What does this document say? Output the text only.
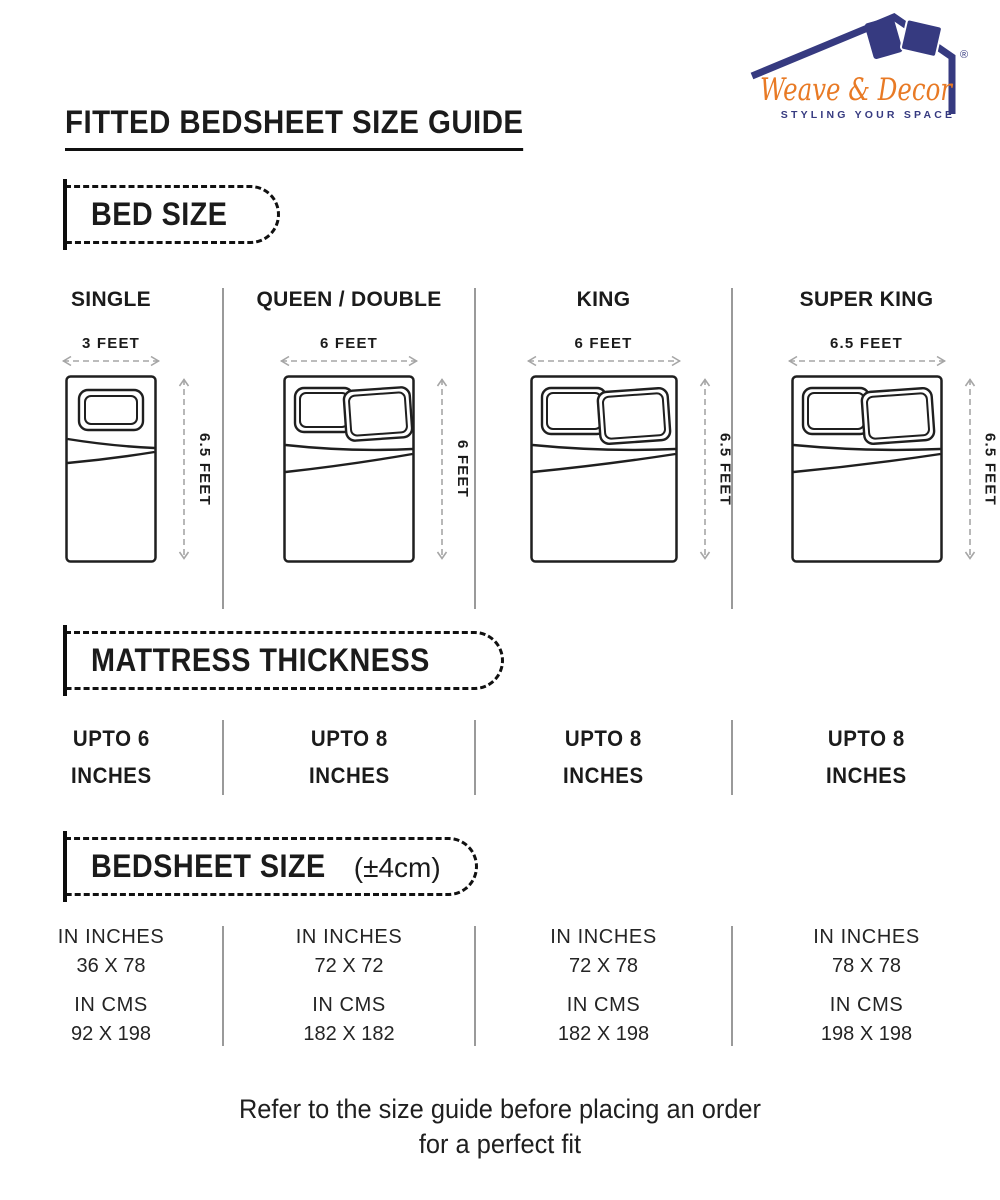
®
Weave & Decor
STYLING YOUR SPACE
FITTED BEDSHEET SIZE GUIDE
BED SIZE
SINGLE
3 FEET
6.5 FEET
QUEEN / DOUBLE
6 FEET
6 FEET
KING
6 FEET
6.5 FEET
SUPER KING
6.5 FEET
6.5 FEET
MATTRESS THICKNESS
UPTO 6
INCHES
UPTO 8
INCHES
UPTO 8
INCHES
UPTO 8
INCHES
BEDSHEET SIZE (±4cm)
IN INCHES
36 X 78
IN CMS
92 X 198
IN INCHES
72 X 72
IN CMS
182 X 182
IN INCHES
72 X 78
IN CMS
182 X 198
IN INCHES
78 X 78
IN CMS
198 X 198
Refer to the size guide before placing an order
for a perfect fit
